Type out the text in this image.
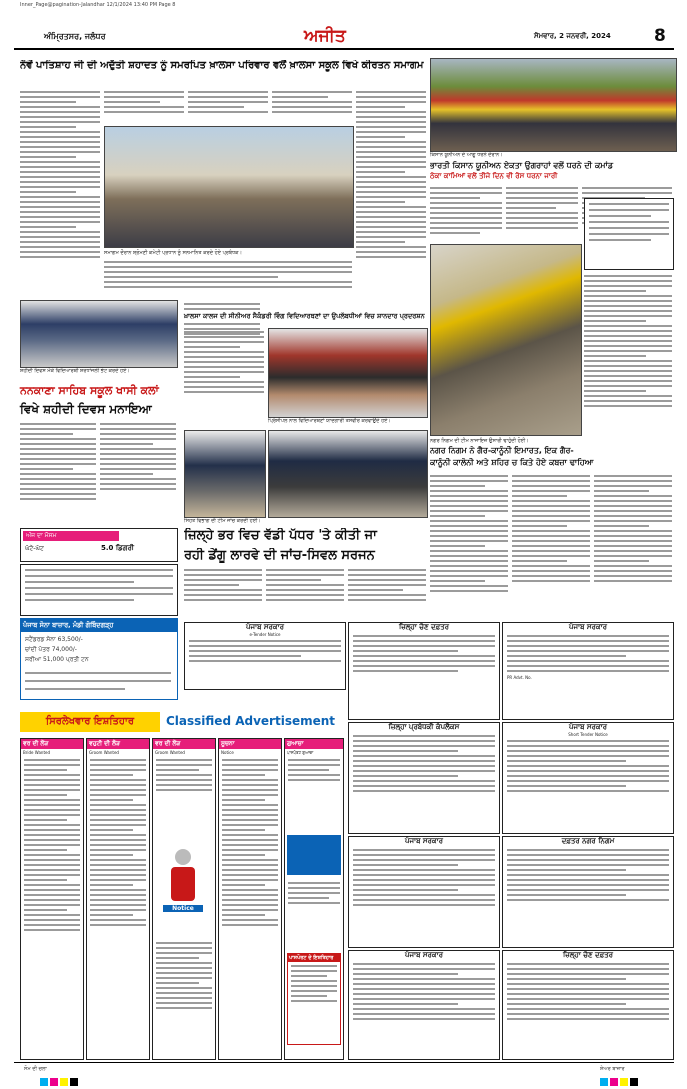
Inner_Page@pagination-Jalandhar 12/1/2024 13:40 PM Page 8
ਅੰਮ੍ਰਿਤਸਰ, ਜਲੰਧਰ	ਅਜੀਤ	ਸੋਮਵਾਰ, 2 ਜਨਵਰੀ, 2024	8
ਨੌਵੇਂ ਪਾਤਿਸ਼ਾਹ ਜੀ ਦੀ ਅਦੁੱਤੀ ਸ਼ਹਾਦਤ ਨੂੰ ਸਮਰਪਿਤ ਖ਼ਾਲਸਾ ਪਰਿਵਾਰ ਵਲੋਂ ਖ਼ਾਲਸਾ ਸਕੂਲ ਵਿਖੇ ਕੀਰਤਨ ਸਮਾਗਮ
ਸਮਾਗਮ ਦੌਰਾਨ ਸ਼੍ਰੋਮਣੀ ਕਮੇਟੀ ਪ੍ਰਧਾਨ ਨੂੰ ਸਨਮਾਨਿਤ ਕਰਦੇ ਹੋਏ ਪ੍ਰਬੰਧਕ।
ਕਿਸਾਨ ਯੂਨੀਅਨ ਦੇ ਆਗੂ ਧਰਨੇ ਦੌਰਾਨ।
ਭਾਰਤੀ ਕਿਸਾਨ ਯੂਨੀਅਨ ਏਕਤਾ ਉਗਰਾਹਾਂ ਵਲੋਂ ਧਰਨੇ ਦੀ ਕਮਾਂਡ
ਠੇਕਾ ਕਾਮਿਆਂ ਵਲੋਂ ਤੀਜੇ ਦਿਨ ਵੀ ਰੋਸ ਧਰਨਾ ਜਾਰੀ
ਨਗਰ ਨਿਗਮ ਦੀ ਟੀਮ ਨਾਜਾਇਜ਼ ਉਸਾਰੀ ਢਾਹੁੰਦੀ ਹੋਈ।
ਨਗਰ ਨਿਗਮ ਨੇ ਗੈਰ-ਕਾਨੂੰਨੀ ਇਮਾਰਤ, ਇਕ ਗੈਰ-
ਕਾਨੂੰਨੀ ਕਾਲੋਨੀ ਅਤੇ ਸ਼ਹਿਰ ਚ ਕਿਤੇ ਹੋਏ ਕਬਜ਼ਾ ਢਾਹਿਆ
ਸ਼ਹੀਦੀ ਦਿਵਸ ਮੌਕੇ ਵਿਦਿਆਰਥੀ ਸ਼ਰਧਾਂਜਲੀ ਭੇਟ ਕਰਦੇ ਹੋਏ।
ਨਨਕਾਣਾ ਸਾਹਿਬ ਸਕੂਲ ਖਾਸੀ ਕਲਾਂ
ਵਿਖੇ ਸ਼ਹੀਦੀ ਦਿਵਸ ਮਨਾਇਆ
ਖ਼ਾਲਸਾ ਕਾਲਜ ਦੀ ਸੀਨੀਅਰ ਸੈਕੰਡਰੀ ਵਿੰਗ ਵਿਦਿਆਰਥਣਾਂ ਦਾ ਉਪਲੱਬਧੀਆਂ ਵਿਚ ਸ਼ਾਨਦਾਰ ਪ੍ਰਦਰਸ਼ਨ
ਪ੍ਰਿੰਸੀਪਲ ਨਾਲ ਵਿਦਿਆਰਥਣਾਂ ਯਾਦਗਾਰੀ ਤਸਵੀਰ ਕਰਵਾਉਂਦੇ ਹੋਏ।
ਸਿਹਤ ਵਿਭਾਗ ਦੀ ਟੀਮ ਜਾਂਚ ਕਰਦੀ ਹੋਈ।
ਅੱਜ ਦਾ ਮੌਸਮ
ਘੱਟੋ-ਘੱਟ	5.0 ਡਿਗਰੀ
ਜ਼ਿਲ੍ਹੇ ਭਰ ਵਿਚ ਵੱਡੀ ਪੱਧਰ 'ਤੇ ਕੀਤੀ ਜਾ
ਰਹੀ ਡੇਂਗੂ ਲਾਰਵੇ ਦੀ ਜਾਂਚ-ਸਿਵਲ ਸਰਜਨ
ਪੰਜਾਬ ਸੋਨਾ ਬਾਜ਼ਾਰ, ਮੰਡੀ ਗੋਬਿੰਦਗੜ੍ਹ
ਸਟੈਂਡਰਡ ਸੋਨਾ 63,500/-
ਚਾਂਦੀ ਪੱਤਰ 74,000/-
ਸਰੀਆ 51,000 ਪ੍ਰਤੀ ਟਨ
ਪੰਜਾਬ ਸਰਕਾਰ
e-Tender Notice
ਜ਼ਿਲ੍ਹਾ ਚੋਣ ਦਫ਼ਤਰ	ਪੰਜਾਬ ਸਰਕਾਰ
PR Advt. No.
ਸਿਰਲੇਖਵਾਰ ਇਸ਼ਤਿਹਾਰ	Classified Advertisement
ਵਰ ਦੀ ਲੋੜ
Bride Wanted
ਵਹੁਟੀ ਦੀ ਲੋੜ
Groom Wanted
ਵਰ ਦੀ ਲੋੜ
Groom Wanted
Notice
ਸੂਚਨਾ
Notice
ਗੁਆਚਾ
ਪਾਸਪੋਰਟ ਗੁਆਚਾ
ਪਾਸਪੋਰਟ ਦੇ ਇਸ਼ਤਿਹਾਰ
ਜ਼ਿਲ੍ਹਾ ਪ੍ਰਬੰਧਕੀ ਕੰਪਲੈਕਸ	ਪੰਜਾਬ ਸਰਕਾਰ
Short Tender Notice
ਪੰਜਾਬ ਸਰਕਾਰ	ਦਫ਼ਤਰ ਨਗਰ ਨਿਗਮ
ਪੰਜਾਬ ਸਰਕਾਰ	ਜ਼ਿਲ੍ਹਾ ਚੋਣ ਦਫ਼ਤਰ
ਸੋਮ ਦੀ ਚਲਾ	ਸ਼ੇਅਰ ਬਾਜ਼ਾਰ
